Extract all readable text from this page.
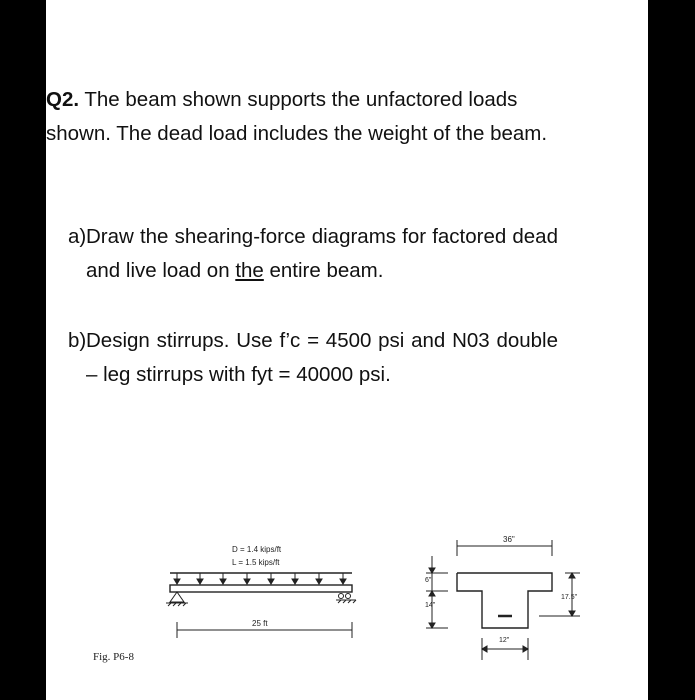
Q2. The beam shown supports the unfactored loads shown. The dead load includes the weight of the beam.
a) Draw the shearing-force diagrams for factored dead and live load on the entire beam.
b) Design stirrups. Use f’c = 4500 psi and N03 double – leg stirrups with fyt = 40000 psi.
D = 1.4 kips/ft
L = 1.5 kips/ft
25 ft
36"
6"
14"
17.5"
12"
Fig. P6-8
